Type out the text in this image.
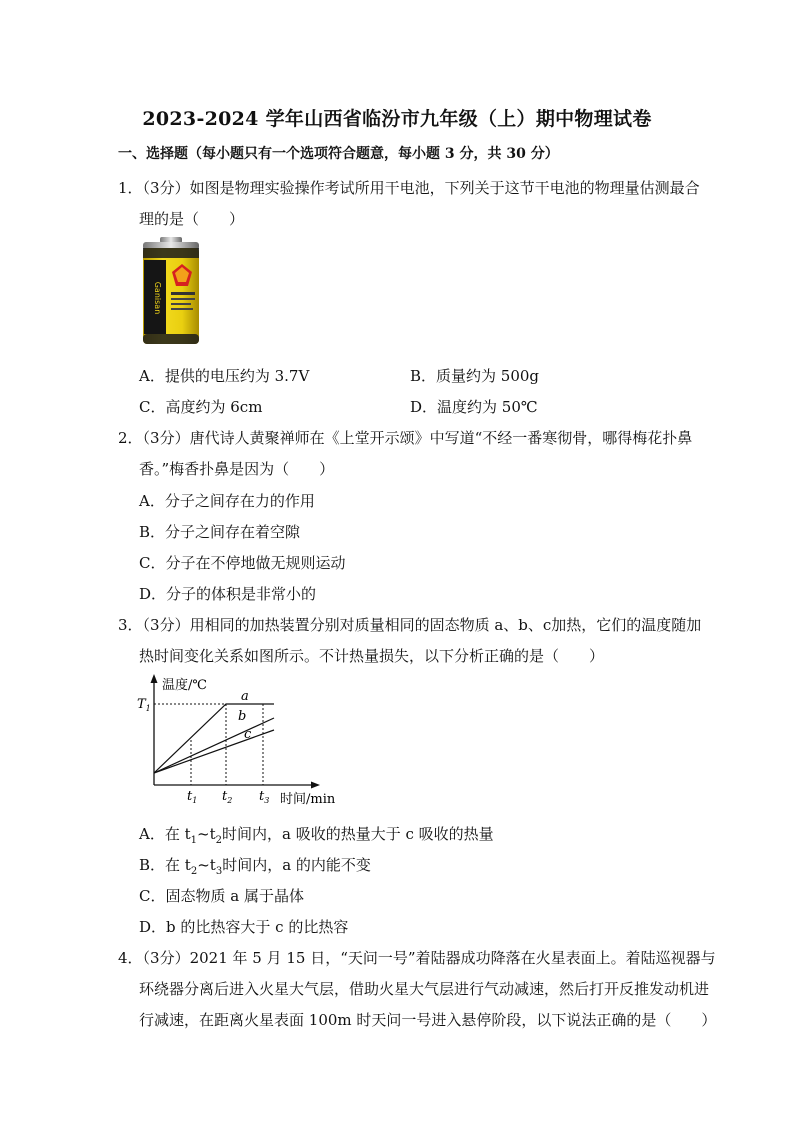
2023-2024 学年山西省临汾市九年级（上）期中物理试卷
一、选择题（每小题只有一个选项符合题意，每小题 3 分，共 30 分）
1．（3分）如图是物理实验操作考试所用干电池，下列关于这节干电池的物理量估测最合
理的是（　　）
Ganisan
A．提供的电压约为 3.7V	B．质量约为 500g
C．高度约为 6cm	D．温度约为 50℃
2．（3分）唐代诗人黄聚禅师在《上堂开示颂》中写道“不经一番寒彻骨，哪得梅花扑鼻
香。”梅香扑鼻是因为（　　）
A．分子之间存在力的作用
B．分子之间存在着空隙
C．分子在不停地做无规则运动
D．分子的体积是非常小的
3．（3分）用相同的加热装置分别对质量相同的固态物质 a、b、c加热，它们的温度随加
热时间变化关系如图所示。不计热量损失，以下分析正确的是（　　）
温度/℃
$T_1$
a
b
c
$t_1$ $t_2$ $t_3$ 时间/min
A．在 $t_1\sim t_2$时间内，a 吸收的热量大于 c 吸收的热量
B．在 $t_2\sim t_3$时间内，a 的内能不变
C．固态物质 a 属于晶体
D．b 的比热容大于 c 的比热容
4．（3分）2021 年 5 月 15 日，“天问一号”着陆器成功降落在火星表面上。着陆巡视器与
环绕器分离后进入火星大气层，借助火星大气层进行气动减速，然后打开反推发动机进
行减速，在距离火星表面 100m 时天问一号进入悬停阶段，以下说法正确的是（　　）
